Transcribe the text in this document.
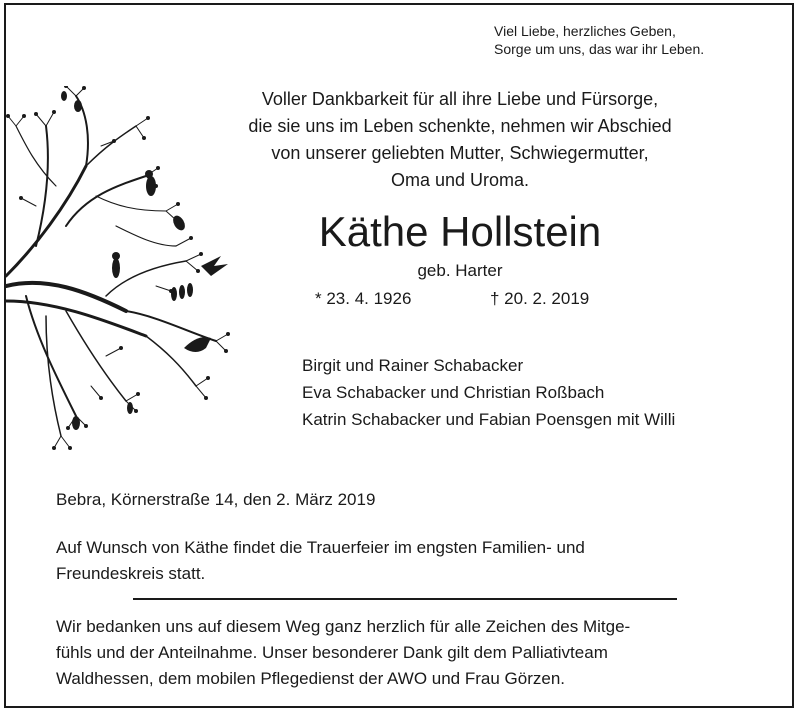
Viel Liebe, herzliches Geben,
Sorge um uns, das war ihr Leben.
Voller Dankbarkeit für all ihre Liebe und Fürsorge,
die sie uns im Leben schenkte, nehmen wir Abschied
von unserer geliebten Mutter, Schwiegermutter,
Oma und Uroma.
Käthe Hollstein
geb. Harter
* 23. 4. 1926	† 20. 2. 2019
Birgit und Rainer Schabacker
Eva Schabacker und Christian Roßbach
Katrin Schabacker und Fabian Poensgen mit Willi
Bebra, Körnerstraße 14, den 2. März 2019
Auf Wunsch von Käthe findet die Trauerfeier im engsten Familien- und
Freundeskreis statt.
Wir bedanken uns auf diesem Weg ganz herzlich für alle Zeichen des Mitge-
fühls und der Anteilnahme. Unser besonderer Dank gilt dem Palliativteam
Waldhessen, dem mobilen Pflegedienst der AWO und Frau Görzen.
